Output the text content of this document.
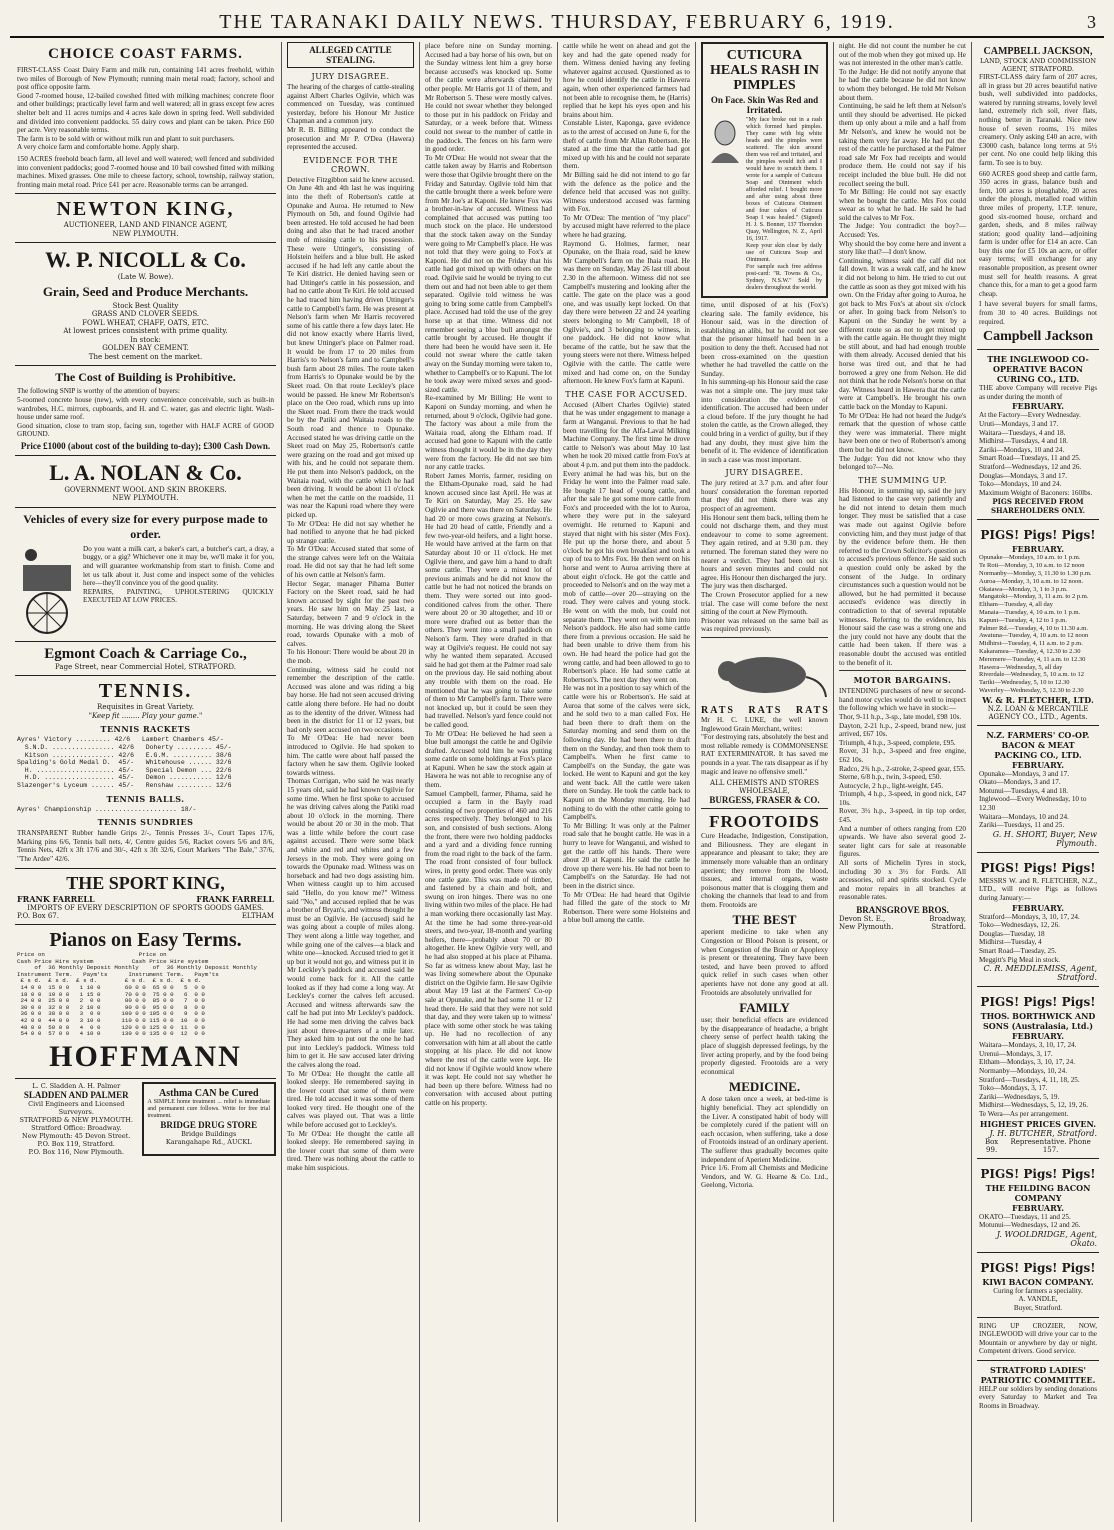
THE TARANAKI DAILY NEWS. THURSDAY, FEBRUARY 6, 1919.	3
CHOICE COAST FARMS.
FIRST-CLASS Coast Dairy Farm and milk run, containing 141 acres freehold, within two miles of Borough of New Plymouth; running main metal road; factory, school and post office opposite farm.
Good 7-roomed house, 12-bailed cowshed fitted with milking machines; concrete floor and other buildings; practically level farm and well watered; all in grass except few acres shelter belt and 11 acres turnips and 4 acres kale down in spring feed. Well subdivided and divided into convenient paddocks. 55 dairy cows and plant can be taken. Price £60 per acre. Very reasonable terms.
The farm is to be sold with or without milk run and plant to suit purchasers.
A very choice farm and comfortable home. Apply sharp.
150 ACRES freehold beach farm, all level and well watered; well fenced and subdivided into convenient paddocks; good 7-roomed house and 10 bail cowshed fitted with milking machines. Mixed grasses. One mile to cheese factory, school, township, railway station, fronting main metal road. Price £41 per acre. Reasonable terms can be arranged.
NEWTON KING,
AUCTIONEER, LAND AND FINANCE AGENT,
NEW PLYMOUTH.
W. P. NICOLL & Co.
(Late W. Bowe).
Grain, Seed and Produce Merchants.
Stock Best Quality
GRASS AND CLOVER SEEDS.
FOWL WHEAT, CHAFF, OATS, ETC.
At lowest prices consistent with prime quality.
In stock:
GOLDEN BAY CEMENT.
The best cement on the market.
The Cost of Building is Prohibitive.
The following SNIP is worthy of the attention of buyers:
5-roomed concrete house (new), with every convenience conceivable, such as built-in wardrobes, H.C. mirrors, cupboards, and H. and C. water, gas and electric light. Wash-house under same roof.
Good situation, close to tram stop, facing sun, together with HALF ACRE of GOOD GROUND.
Price £1000 (about cost of the building to-day); £300 Cash Down.
L. A. NOLAN & Co.
GOVERNMENT WOOL AND SKIN BROKERS.
NEW PLYMOUTH.
Vehicles of every size for every purpose made to order.
Do you want a milk cart, a baker's cart, a butcher's cart, a dray, a buggy, or a gig? Whichever one it may be, we'll make it for you, and will guarantee workmanship from start to finish. Come and let us talk about it. Just come and inspect some of the vehicles here—they'll convince you of the good quality.
REPAIRS, PAINTING, UPHOLSTERING QUICKLY EXECUTED AT LOW PRICES.
Egmont Coach & Carriage Co.,
Page Street, near Commercial Hotel, STRATFORD.
TENNIS.
Requisites in Great Variety.
"Keep fit ........ Play your game."
TENNIS RACKETS
Ayres' Victory ......... 42/6   Lambert Chambers 45/-
S.N.D. ................ 42/6   Doherty ......... 45/-
Kitson ................ 42/6   E.G.M. .......... 38/6
Spalding's Gold Medal D.  45/-   Whitehouse ...... 32/6
H. .................... 45/-   Special Demon ... 22/6
H.D. .................. 45/-   Demon ........... 12/6
Slazenger's Lyceum ...... 45/-   Renshaw ......... 12/6
TENNIS BALLS.
Ayres' Championship ..................... 18/-
TENNIS SUNDRIES
TRANSPARENT Rubber handle Grips 2/-, Tennis Presses 3/-, Court Tapes 17/6, Marking pins 6/6, Tennis ball nets, 4/, Centre guides 5/6, Racket covers 5/6 and 8/6, Tennis Nets, 42ft x 3ft 17/6 and 30/-, 42ft x 3ft 32/6, Court Markers "The Bale," 37/6, "The Ardee" 42/6.
THE SPORT KING,
FRANK FARRELL	FRANK FARRELL
IMPORTS OF EVERY DESCRIPTION OF SPORTS GOODS GAMES.
P.O. Box 67.	ELTHAM
Pianos on Easy Terms.
Price on                           Price on
Cash Price Hire system           Cash Price Hire system
of  36 Monthly Deposit Monthly    of  36 Monthly Deposit Monthly
Instrument Term.   Paym'ts      Instrument Term.   Paym'ts
£ s d.  £ s d.  £ s d.        £ s d.  £ s d.  £ s d.
14 0 0  15 0 0   1 10 0       60 0 0  65 0 0   5  0 0
18 0 0  19 0 0   1 15 0       70 0 0  75 0 0   6  0 0
24 0 0  25 0 0   2  0 0       80 0 0  85 0 0   7  0 0
30 0 0  32 0 0   2 10 0       90 0 0  95 0 0   8  0 0
36 0 0  38 0 0   3  0 0      100 0 0 105 0 0   9  0 0
42 0 0  44 0 0   3 10 0      110 0 0 115 0 0  10  0 0
48 0 0  50 0 0   4  0 0      120 0 0 125 0 0  11  0 0
54 0 0  57 0 0   4 10 0      130 0 0 135 0 0  12  0 0
HOFFMANN
L. C. Sladden A. H. Palmer
SLADDEN AND PALMER
Civil Engineers and Licensed Surveyors.
STRATFORD & NEW PLYMOUTH.
Stratford Office: Broadway.
New Plymouth: 45 Devon Street.
P.O. Box 119, Stratford.
P.O. Box 116, New Plymouth.
Asthma CAN be Cured
A SIMPLE home treatment ... relief is immediate and permanent cure follows. Write for free trial treatment.
BRIDGE DRUG STORE
Bridge Buildings
Karangahape Rd., AUCKL
ALLEGED CATTLE STEALING.
JURY DISAGREE.
The hearing of the charges of cattle-stealing against Albert Charles Ogilvie, which was commenced on Tuesday, was continued yesterday, before his Honour Mr Justice Chapman and a common jury.
Mr R. B. Billing appeared to conduct the prosecution and Mr P. O'Dea (Hawera) represented the accused.
EVIDENCE FOR THE CROWN.
Detective Fitzgibbon said he knew accused. On June 4th and 4th last he was inquiring into the theft of Robertson's cattle at Opunake and Auroa. He returned to New Plymouth on 5th, and found Ogilvie had been arrested. He told accused he had been doing and also that he had traced another mob of missing cattle to his possession. These were Uttinger's, consisting of Holstein heifers and a blue bull. He asked accused if he had left any cattle about the Te Kiri district. He denied having seen or had Uttinger's cattle in his possession, and had no cattle about Te Kiri. He told accused he had traced him having driven Uttinger's cattle to Campbell's farm. He was present at Nelson's farm when Mr Harris recovered some of his cattle there a few days later. He did not know exactly where Harris lived, but knew Uttinger's place on Palmer road. It would be from 17 to 20 miles from Harris's to Nelson's farm and to Campbell's bush farm about 28 miles. The route taken from Harris's to Opunake would be by the Skeet road. On that route Leckley's place would be passed. He knew Mr Robertson's place on the Oeo road, which runs up into the Skeet road. From there the track would be by the Patiki and Waitaia roads to the South road and thence to Opunake. Accused stated he was driving cattle on the Skeet road on May 25, Robertson's cattle were grazing on the road and got mixed up with his, and he could not separate them. He put them into Nelson's paddock, on the Waitaia road, with the cattle which he had been driving. It would be about 11 o'clock when he met the cattle on the roadside, 11 was near the Kapuni road where they were picked up.
To Mr O'Dea: He did not say whether he had notified to anyone that he had picked up strange cattle.
To Mr O'Dea: Accused stated that some of the strange calves were left on the Waitaia road. He did not say that he had left some of his own cattle at Nelson's farm.
Hector Segar, manager Pihama Butter Factory on the Skeet road, said he had known accused by sight for the past two years. He saw him on May 25 last, a Saturday, between 7 and 9 o'clock in the morning. He was driving along the Skeet road, towards Opunake with a mob of calves.
To his Honour: There would be about 20 in the mob.
Continuing, witness said he could not remember the description of the cattle. Accused was alone and was riding a big bay horse. He had not seen accused driving cattle along there before. He had no doubt as to the identity of the driver. Witness had been in the district for 11 or 12 years, but had only seen accused on two occasions.
To Mr O'Dea: He had never been introduced to Ogilvie. He had spoken to him. The cattle were about half passed the factory when he saw them. Ogilvie looked towards witness.
Thomas Corrigan, who said he was nearly 15 years old, said he had known Ogilvie for some time. When he first spoke to accused he was driving calves along the Patiki road about 10 o'clock in the morning. There would be about 20 or 30 in the mob. That was a little while before the court case against accused. There were some black and white and red and whites and a few Jerseys in the mob. They were going on towards the Opunake road. Witness was on horseback and had two dogs assisting him. When witness caught up to him accused said "Hello, do you know me?" Witness said "No," and accused replied that he was a brother of Bryan's, and witness thought he must be an Ogilvie. He (accused) said he was going about a couple of miles along. They went along a little way together, and while going one of the calves—a black and white one—knocked. Accused tried to get it up but it would not go, and witness put it in Mr Leckley's paddock and accused said he would come back for it. All the cattle looked as if they had come a long way. At Leckley's corner the calves left accused. Accused and witness afterwards saw the calf he had put into Mr Leckley's paddock. He had some men driving the calves back just about three-quarters of a mile later. They asked him to put out the one he had put into Leckley's paddock. Witness told him to get it. He saw accused later driving the calves along the road.
To Mr O'Dea: He thought the cattle all looked sleepy. He remembered saying in the lower court that some of them were tired. He told accused it was some of them looked very tired. He thought one of the calves was played out. That was a little while before accused got to Leckley's.
To Mr O'Dea: He thought the cattle all looked sleepy. He remembered saying in the lower court that some of them were tired. There was nothing about the cattle to make him suspicious.
place before nine on Sunday morning. Accused had a bay horse of his own, but on the Sunday witness lent him a grey horse because accused's was knocked up. Some of the cattle were afterwards claimed by other people. Mr Harris got 11 of them, and Mr Robertson 5. These were mostly calves. He could not swear whether they belonged to those put in his paddock on Friday and Saturday, or a week before that. Witness could not swear to the number of cattle in the paddock. The fences on his farm were in good order.
To Mr O'Dea: He would not swear that the cattle taken away by Harris and Robertson were those that Ogilvie brought there on the Friday and Saturday. Ogilvie told him that the cattle brought there a week before were from Mr Joe's at Kaponi. He knew Fox was a brother-in-law of accused. Witness had complained that accused was putting too much stock on the place. He understood that the stock taken away on the Sunday were going to Mr Campbell's place. He was not told that they were going to Fox's at Kaponi. He did not on the Friday that his cattle had got mixed up with others on the road. Ogilvie said he would be trying to cut them out and had not been able to get them separated. Ogilvie told witness he was going to bring some cattle from Campbell's place. Accused had told the use of the grey horse up at that time. Witness did not remember seeing a blue bull amongst the cattle brought by accused. He thought if there had been he would have seen it. He could not swear where the cattle taken away on the Sunday morning were taken to, whether to Campbell's or to Kapuni. The lot he took away were mixed sexes and good-sized cattle.
Re-examined by Mr Billing: He went to Kaponi on Sunday morning, and when he returned, about 9 o'clock, Ogilvie had gone. The factory was about a mile from the Waitaia road, along the Eltham road. If accused had gone to Kapuni with the cattle witness thought it would be in the day they were from the factory. He did not see him nor any cattle tracks.
Robert James Morris, farmer, residing on the Eltham-Opunake road, said he had known accused since last April. He was at Te Kiri on Saturday, May 25. He saw Ogilvie and there was there on Saturday. He had 20 or more cows grazing at Nelson's. He had 20 head of cattle, Friendly and a few two-year-old heifers, and a light horse. He would have arrived at the farm on that Saturday about 10 or 11 o'clock. He met Ogilvie there, and gave him a hand to draft some cattle. They were a mixed lot of previous animals and he did not know the cattle but he had not noticed the brands on them. They were sorted out into good-conditioned calves from the other. There were about 20 or 30 altogether, and 10 or more were drafted out as better than the others. They went into a small paddock on Nelson's farm. They were drafted in that way at Ogilvie's request. He could not say why he wanted them separated. Accused said he had got them at the Palmer road sale on the previous day. He said nothing about any trouble with them on the road. He mentioned that he was going to take some of them to Mr Campbell's farm. There were not knocked up, but it could be seen they had travelled. Nelson's yard fence could not be called good.
To Mr O'Dea: He believed he had seen a blue bull amongst the cattle he and Ogilvie drafted. Accused told him he was putting some cattle on some holdings at Fox's place at Kapuni. When he saw the stock again at Hawera he was not able to recognise any of them.
Samuel Campbell, farmer, Pihama, said he occupied a farm in the Bayly road consisting of two properties of 460 and 216 acres respectively. They belonged to his son, and consisted of bush sections. Along the front, there were two holding paddocks and a yard and a dividing fence running from the road right to the back of the farm. The road front consisted of four bullock wires, in pretty good order. There was only one cattle gate. This was made of timber, and fastened by a chain and bolt, and swung on iron hinges. There was no one living within two miles of the place. He had a man working there occasionally last May. At the time he had some three-year-old steers, and two-year, 18-month and yearling heifers, there—probably about 70 or 80 altogether. He knew Ogilvie very well, and he had also stopped at his place at Pihama. So far as witness knew about May, last he was living somewhere about the Opunake district on the Ogilvie farm. He saw Ogilvie about May 19 last at the Farmers' Co-op sale at Opunake, and he had some 11 or 12 head there. He said that they were not sold that day, and they were taken up to witness' place with some other stock he was taking up. He had no recollection of any conversation with him at all about the cattle stopping at his place. He did not know where the rest of the cattle were kept. He did not know if Ogilvie would know where it was kept. He could not say whether he had been up there before. Witness had no conversation with accused about putting cattle on his property.
cattle while he went on ahead and got the key and had the gate opened ready for them. Witness denied having any feeling whatever against accused. Questioned as to how he could identify the cattle in Hawera again, when other experienced farmers had not been able to recognise them, he (Harris) replied that he kept his eyes open and his brains about him.
Constable Lister, Kaponga, gave evidence as to the arrest of accused on June 6, for the theft of cattle from Mr Allan Robertson. He stated at the time that the cattle had got mixed up with his and he could not separate them.
Mr Billing said he did not intend to go far with the defence as the police and the defence held that accused was not guilty. Witness understood accused was farming with Fox.
To Mr O'Dea: The mention of "my place" by accused might have referred to the place where he had grazing.
Raymond G. Holmes, farmer, near Opunake, on the Ihaia road, said he knew Mr Campbell's farm on the Ihaia road. He was there on Sunday, May 26 last till about 2.30 in the afternoon. Witness did not see Campbell's mustering and looking after the cattle. The gate on the place was a good one, and was usually kept locked. On that day there were between 22 and 24 yearling steers belonging to Mr Campbell, 18 of Ogilvie's, and 3 belonging to witness, in one paddock. He did not know what became of the cattle, but he saw that the young steers were not there. Witness helped Ogilvie with the cattle. The cattle were mixed and had come on, on the Sunday afternoon. He knew Fox's farm at Kapuni.
THE CASE FOR ACCUSED.
Accused (Albert Charles Ogilvie) stated that he was under engagement to manage a farm at Wanganui. Previous to that he had been travelling for the Alfa-Laval Milking Machine Company. The first time he drove cattle to Nelson's was about May 10 last when he took 20 mixed cattle from Fox's at about 4 p.m. and put them into the paddock. Every animal he had was his, but on the Friday he went into the Palmer road sale. He bought 17 head of young cattle, and after the sale he got some more cattle from Fox's and proceeded with the lot to Auroa, where they were put in the saleyard overnight. He returned to Kapuni and stayed that night with his sister (Mrs Fox). He put up the horse there, and about 5 o'clock he got his own breakfast and took a cup of tea to Mrs Fox. He then went on his horse and went to Auroa arriving there at about eight o'clock. He got the cattle and proceeded to Nelson's and on the way met a mob of cattle—over 20—straying on the road. They were calves and young stock. He went on with the mob, but could not separate them. They went on with him into Nelson's paddock. He also had some cattle there from a previous occasion. He said he had been unable to drive them from his own. He had heard the police had got the wrong cattle, and had been allowed to go to Robertson's place. He had some cattle at Robertson's. The next day they went on.
He was not in a position to say which of the cattle were his or Robertson's. He said at Auroa that some of the calves were sick, and he sold two to a man called Fox. He had been there to draft them on the Saturday morning and send them on the following day. He had been there to draft them on the Sunday, and then took them to Campbell's. When he first came to Campbell's on the Sunday, the gate was locked. He went to Kapuni and got the key and went back. All the cattle were taken there on Sunday. He took the cattle back to Kapuni on the Monday morning. He had nothing to do with the other cattle going to Campbell's.
To Mr Billing: It was only at the Palmer road sale that he bought cattle. He was in a hurry to leave for Wanganui, and wished to get the cattle off his hands. There were about 20 at Kapuni. He said the cattle he drove up there were his. He had not been to Campbell's on the Saturday. He had not been in the district since.
To Mr O'Dea: He had heard that Ogilvie had filled the gate of the stock to Mr Robertson. There were some Holsteins and a blue bull among the cattle.
CUTICURA HEALS RASH IN PIMPLES
On Face. Skin Was Red and Irritated.
"My face broke out in a rash which formed hard pimples. They came with big white heads and the pimples were scattered. The skin around them was red and irritated, and the pimples would itch and I would have to scratch them. I wrote for a sample of Cuticura Soap and Ointment which afforded relief. I bought more and after using about three boxes of Cuticura Ointment and four cakes of Cuticura Soap I was healed." (Signed) H. J. S. Bonner, 137 Thorndon Quay, Wellington, N. Z., April 16, 1917.
Keep your skin clear by daily use of Cuticura Soap and Ointment.
For sample each free address post-card: "R. Towns & Co., Sydney, N.S.W." Sold by dealers throughout the world.
time, until disposed of at his (Fox's) clearing sale. The family evidence, his Honour said, was in the direction of establishing an alibi, but he could not see that the prisoner himself had been in a position to deny the theft. Accused had not been cross-examined on the question whether he had travelled the cattle on the Sunday.
In his summing-up his Honour said the case was not a simple one. The jury must take into consideration the evidence of identification. The accused had been under a cloud before. If the jury thought he had stolen the cattle, as the Crown alleged, they could bring in a verdict of guilty, but if they had any doubt, they must give him the benefit of it. The evidence of identification in such a case was most important.
JURY DISAGREE.
The jury retired at 3.7 p.m. and after four hours' consideration the foreman reported that they did not think there was any prospect of an agreement.
His Honour sent them back, telling them he could not discharge them, and they must endeavour to come to some agreement. They again retired, and at 9.30 p.m. they returned. The foreman stated they were no nearer a verdict. They had been out six hours and seven minutes and could not agree. His Honour then discharged the jury.
The jury was then discharged.
The Crown Prosecutor applied for a new trial. The case will come before the next sitting of the court at New Plymouth.
Prisoner was released on the same bail as was required previously.
RATS   RATS   RATS
Mr H. C. LUKE, the well known Inglewood Grain Merchant, writes:
"For destroying rats, absolutely the best and most reliable remedy is COMMONSENSE RAT EXTERMINATOR. It has saved me pounds in a year. The rats disappear as if by magic and leave no offensive smell."
ALL CHEMISTS AND STORES WHOLESALE,
BURGESS, FRASER & CO.
FROOTOIDS
Cure Headache, Indigestion, Constipation, and Biliousness. They are elegant in appearance and pleasant to take; they are immensely more valuable than an ordinary aperient; they remove from the blood, tissues, and internal organs, waste poisonous matter that is clogging them and choking the channels that lead to and from them. Frootoids are
THE BEST
aperient medicine to take when any Congestion or Blood Poison is present, or when Congestion of the Brain or Apoplexy is present or threatening. They have been tested, and have been proved to afford quick relief in such cases when other aperients have not done any good at all. Frootoids are absolutely unrivalled for
FAMILY
use; their beneficial effects are evidenced by the disappearance of headache, a bright cheery sense of perfect health taking the place of sluggish depressed feelings, by the liver acting properly, and by the food being properly digested. Frootoids are a very economical
MEDICINE.
A dose taken once a week, at bed-time is highly beneficial. They act splendidly on the Liver. A constipated habit of body will be completely cured if the patient will on each occasion, when suffering, take a dose of Frootoids instead of an ordinary aperient. The sufferer thus gradually becomes quite independent of Aperient Medicine.
Price 1/6. From all Chemists and Medicine Vendors, and W. G. Hearne & Co. Ltd., Geelong, Victoria.
night. He did not count the number he cut out of the mob when they got mixed up. He was not interested in the other man's cattle.
To the Judge: He did not notify anyone that he had the cattle because he did not know to whom they belonged. He told Mr Nelson about them.
Continuing, he said he left them at Nelson's until they should be advertised. He picked them up only about a mile and a half from Mr Nelson's, and knew he would not be taking them very far away. He had put the rest of the cattle he purchased at the Palmer road sale Mr Fox had receipts and would produce them. He could not say if his receipt included the blue bull. He did not recollect seeing the bull.
To Mr Billing: He could not say exactly when he bought the cattle. Mrs Fox could swear as to what he had. He said he had sold the calves to Mr Fox.
The Judge: You contradict the boy?—Accused: Yes.
Why should the boy come here and invent a story like that?—I don't know.
Continuing, witness said the calf did not fall down. It was a weak calf, and he knew it did not belong to him. He tried to cut out the cattle as soon as they got mixed with his own. On the Friday after going to Auroa, he got back to Mrs Fox's at about six o'clock or after. In going back from Nelson's to Kapuni on the Sunday he went by a different route so as not to get mixed up with the cattle again. He thought they might be still about, and had had enough trouble with them already. Accused denied that his horse was tired out, and that he had borrowed a grey one from Nelson. He did not think that he rode Nelson's horse on that day. Witness heard in Hawera that the cattle were at Campbell's. He brought his own cattle back on the Monday to Kapuni.
To Mr O'Dea: He had not heard the Judge's remark that the question of whose cattle they were was immaterial. There might have been one or two of Robertson's among them but he did not know.
The Judge: You did not know who they belonged to?—No.
THE SUMMING UP.
His Honour, in summing up, said the jury had listened to the case very patiently and he did not intend to detain them much longer. They must be satisfied that a case was made out against Ogilvie before convicting him, and they must judge of that by the evidence before them. He then referred to the Crown Solicitor's question as to accused's previous offence. He said such a question could only be asked by the consent of the Judge. In ordinary circumstances such a question would not be allowed, but he had permitted it because accused's evidence was directly in contradiction to that of several reputable witnesses. Referring to the evidence, his Honour said the case was a strong one and the jury could not have any doubt that the cattle had been taken. If there was a reasonable doubt the accused was entitled to the benefit of it.
MOTOR BARGAINS.
INTENDING purchasers of new or second-hand motor cycles would do well to inspect the following which we have in stock:—
Thor, 9-11 h.p., 3-sp., late model, £98 10s.
Dayton, 2-21 h.p., 2-speed, brand new, just arrived, £67 10s.
Triumph, 4 h.p., 3-speed, complete, £95.
Rover, 31 h.p., 3-speed and free engine, £62 10s.
Radco, 2¾ h.p., 2-stroke, 2-speed gear, £55.
Sterne, 6/8 h.p., twin, 3-speed, £50.
Autocycle, 2 h.p., light-weight, £45.
Triumph, 4 h.p., 3-speed, in good nick, £47 10s.
Rover, 3½ h.p., 3-speed, in tip top order, £45.
And a number of others ranging from £20 upwards. We have also several good 2-seater light cars for sale at reasonable figures.
All sorts of Michelin Tyres in stock, including 30 x 3½ for Fords. All accessories, oil and spirits stocked. Cycle and motor repairs in all branches at reasonable rates.
BRANSGROVE BROS.
Devon St. E.,	Broadway,
New Plymouth.	Stratford.
CAMPBELL JACKSON,
LAND, STOCK AND COMMISSION AGENT, STRATFORD.
FIRST-CLASS dairy farm of 207 acres, all in grass but 20 acres beautiful native bush, well subdivided into paddocks, watered by running streams, lovely level land, extremely rich soil, river flats, nothing better in Taranaki. Nice new house of seven rooms, 1½ miles creamery. Only asking £40 an acre, with £3000 cash, balance long terms at 5½ per cent. No one could help liking this farm. To see is to buy.
660 ACRES good sheep and cattle farm, 350 acres in grass, balance bush and fern, 100 acres is ploughable, 20 acres under the plough, metalled road within three miles of property, I.T.P. tenure, good six-roomed house, orchard and garden, sheds, and 8 miles railway station; good quality land—adjoining farm is under offer for £14 an acre. Can buy this one for £5 10s an acre, or offer easy terms; will exchange for any reasonable proposition, as present owner must sell for health reasons. A great chance this, for a man to get a good farm cheap.
I have several buyers for small farms, from 30 to 40 acres. Buildings not required.
Campbell Jackson
THE INGLEWOOD CO-OPERATIVE BACON CURING CO., LTD.
THE above Company will receive Pigs as under during the month of
FEBRUARY.
At the Factory—Every Wednesday.
Uruti—Mondays, 3 and 17.
Waitara—Tuesdays, 4 and 18.
Midhirst—Tuesdays, 4 and 18.
Zariki—Mondays, 10 and 24.
Smart Road—Tuesdays, 11 and 25.
Stratford—Wednesdays, 12 and 26.
Douglas—Mondays, 3 and 17.
Toko—Mondays, 10 and 24.
Maximum Weight of Baconers: 160lbs.
PIGS RECEIVED FROM SHAREHOLDERS ONLY.
PIGS! Pigs! Pigs!
FEBRUARY.
Opunake—Mondays, 10 a.m. to 1 p.m.
Te Roti—Monday, 3, 10 a.m. to 12 noon
Normanby—Monday, 3, 11.30 to 1.30 p.m.
Auroa—Monday, 3, 10 a.m. to 12 noon.
Okaiawa—Monday, 3, 1 to 3 p.m.
Mangatoki—Monday, 3, 11 a.m. to 2 p.m.
Eltham—Tuesday, 4, all day
Manaia—Tuesday, 4, 10 a.m. to 1 p.m.
Kapuni—Tuesday, 4, 12 to 1 p.m.
Palmer Rd.—Tuesday, 4, 10 to 11.30 a.m.
Awatuna—Tuesday, 4, 10 a.m. to 12 noon
Midhirst—Tuesday, 4, 11 a.m. to 2 p.m.
Kakaramea—Tuesday, 4, 12.30 to 2.30
Meremere—Tuesday, 4, 11 a.m. to 12.30
Hawera—Wednesday, 5, all day
Riverdale—Wednesday, 5, 10 a.m. to 12
Tariki—Wednesday, 5, 10 to 12.30
Waverley—Wednesday, 5, 12.30 to 2.30
W. & R. FLETCHER, LTD.
N.Z. LOAN & MERCANTILE AGENCY CO., LTD., Agents.
N.Z. FARMERS' CO-OP. BACON & MEAT PACKING CO., LTD.
FEBRUARY.
Opunake—Mondays, 3 and 17.
Okato—Mondays, 3 and 17.
Motunui—Tuesdays, 4 and 18.
Inglewood—Every Wednesday, 10 to 12.30
Waitara—Mondays, 10 and 24.
Zariki—Tuesdays, 11 and 25.
G. H. SHORT, Buyer, New Plymouth.
PIGS! Pigs! Pigs!
MESSRS W. and R. FLETCHER, N.Z., LTD., will receive Pigs as follows during January:—
FEBRUARY.
Stratford—Mondays, 3, 10, 17, 24.
Toko—Wednesdays, 12, 26.
Douglas—Tuesday, 18
Midhirst—Tuesday, 4
Smart Road—Tuesday, 25.
Meggitt's Pig Meal in stock.
C. R. MEDDLEMISS, Agent, Stratford.
PIGS! Pigs! Pigs!
THOS. BORTHWICK AND SONS (Australasia, Ltd.)
FEBRUARY.
Waitara—Mondays, 3, 10, 17, 24.
Urenui—Mondays, 3, 17.
Eltham—Mondays, 3, 10, 17, 24.
Normanby—Mondays, 10, 24.
Stratford—Tuesdays, 4, 11, 18, 25.
Toko—Mondays, 3, 17.
Zariki—Wednesdays, 5, 19.
Midhirst—Wednesdays, 5, 12, 19, 26.
Te Wera—As per arrangement.
HIGHEST PRICES GIVEN.
J. H. BUTCHER, Stratford.
Box 99.
Representative. Phone 157.
PIGS! Pigs! Pigs!
THE FEILDING BACON COMPANY
FEBRUARY.
OKATO—Tuesdays, 11 and 25.
Motunui—Wednesdays, 12 and 26.
J. WOOLDRIDGE, Agent, Okato.
PIGS! Pigs! Pigs!
KIWI BACON COMPANY.
Curing for farmers a speciality.
A. VANDLE,
Buyer, Stratford.
RING UP CROZIER, NOW, INGLEWOOD will drive your car to the Mountain or anywhere by day or night. Competent drivers. Good service.
STRATFORD LADIES' PATRIOTIC COMMITTEE.
HELP our soldiers by sending donations every Saturday to Market and Tea Rooms in Broadway.
